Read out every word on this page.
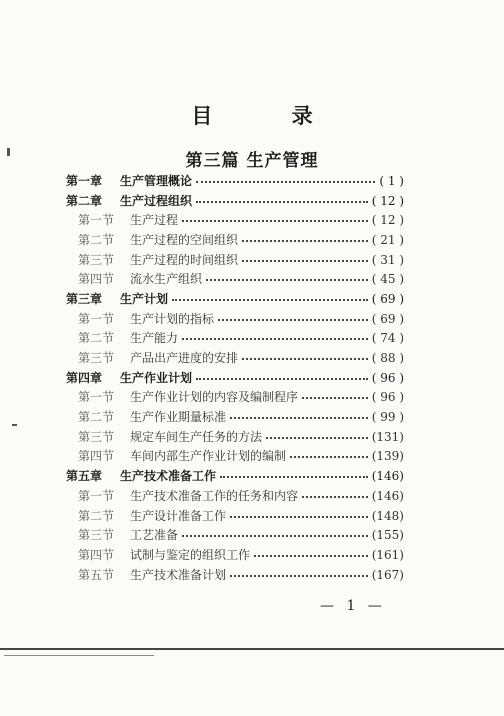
目 录
第三篇 生产管理
第一章	生产管理概论	( 1 )
第二章	生产过程组织	( 12 )
第一节	生产过程	( 12 )
第二节	生产过程的空间组织	( 21 )
第三节	生产过程的时间组织	( 31 )
第四节	流水生产组织	( 45 )
第三章	生产计划	( 69 )
第一节	生产计划的指标	( 69 )
第二节	生产能力	( 74 )
第三节	产品出产进度的安排	( 88 )
第四章	生产作业计划	( 96 )
第一节	生产作业计划的内容及编制程序	( 96 )
第二节	生产作业期量标准	( 99 )
第三节	规定车间生产任务的方法	(131)
第四节	车间内部生产作业计划的编制	(139)
第五章	生产技术准备工作	(146)
第一节	生产技术准备工作的任务和内容	(146)
第二节	生产设计准备工作	(148)
第三节	工艺准备	(155)
第四节	试制与鉴定的组织工作	(161)
第五节	生产技术准备计划	(167)
— 1 —
